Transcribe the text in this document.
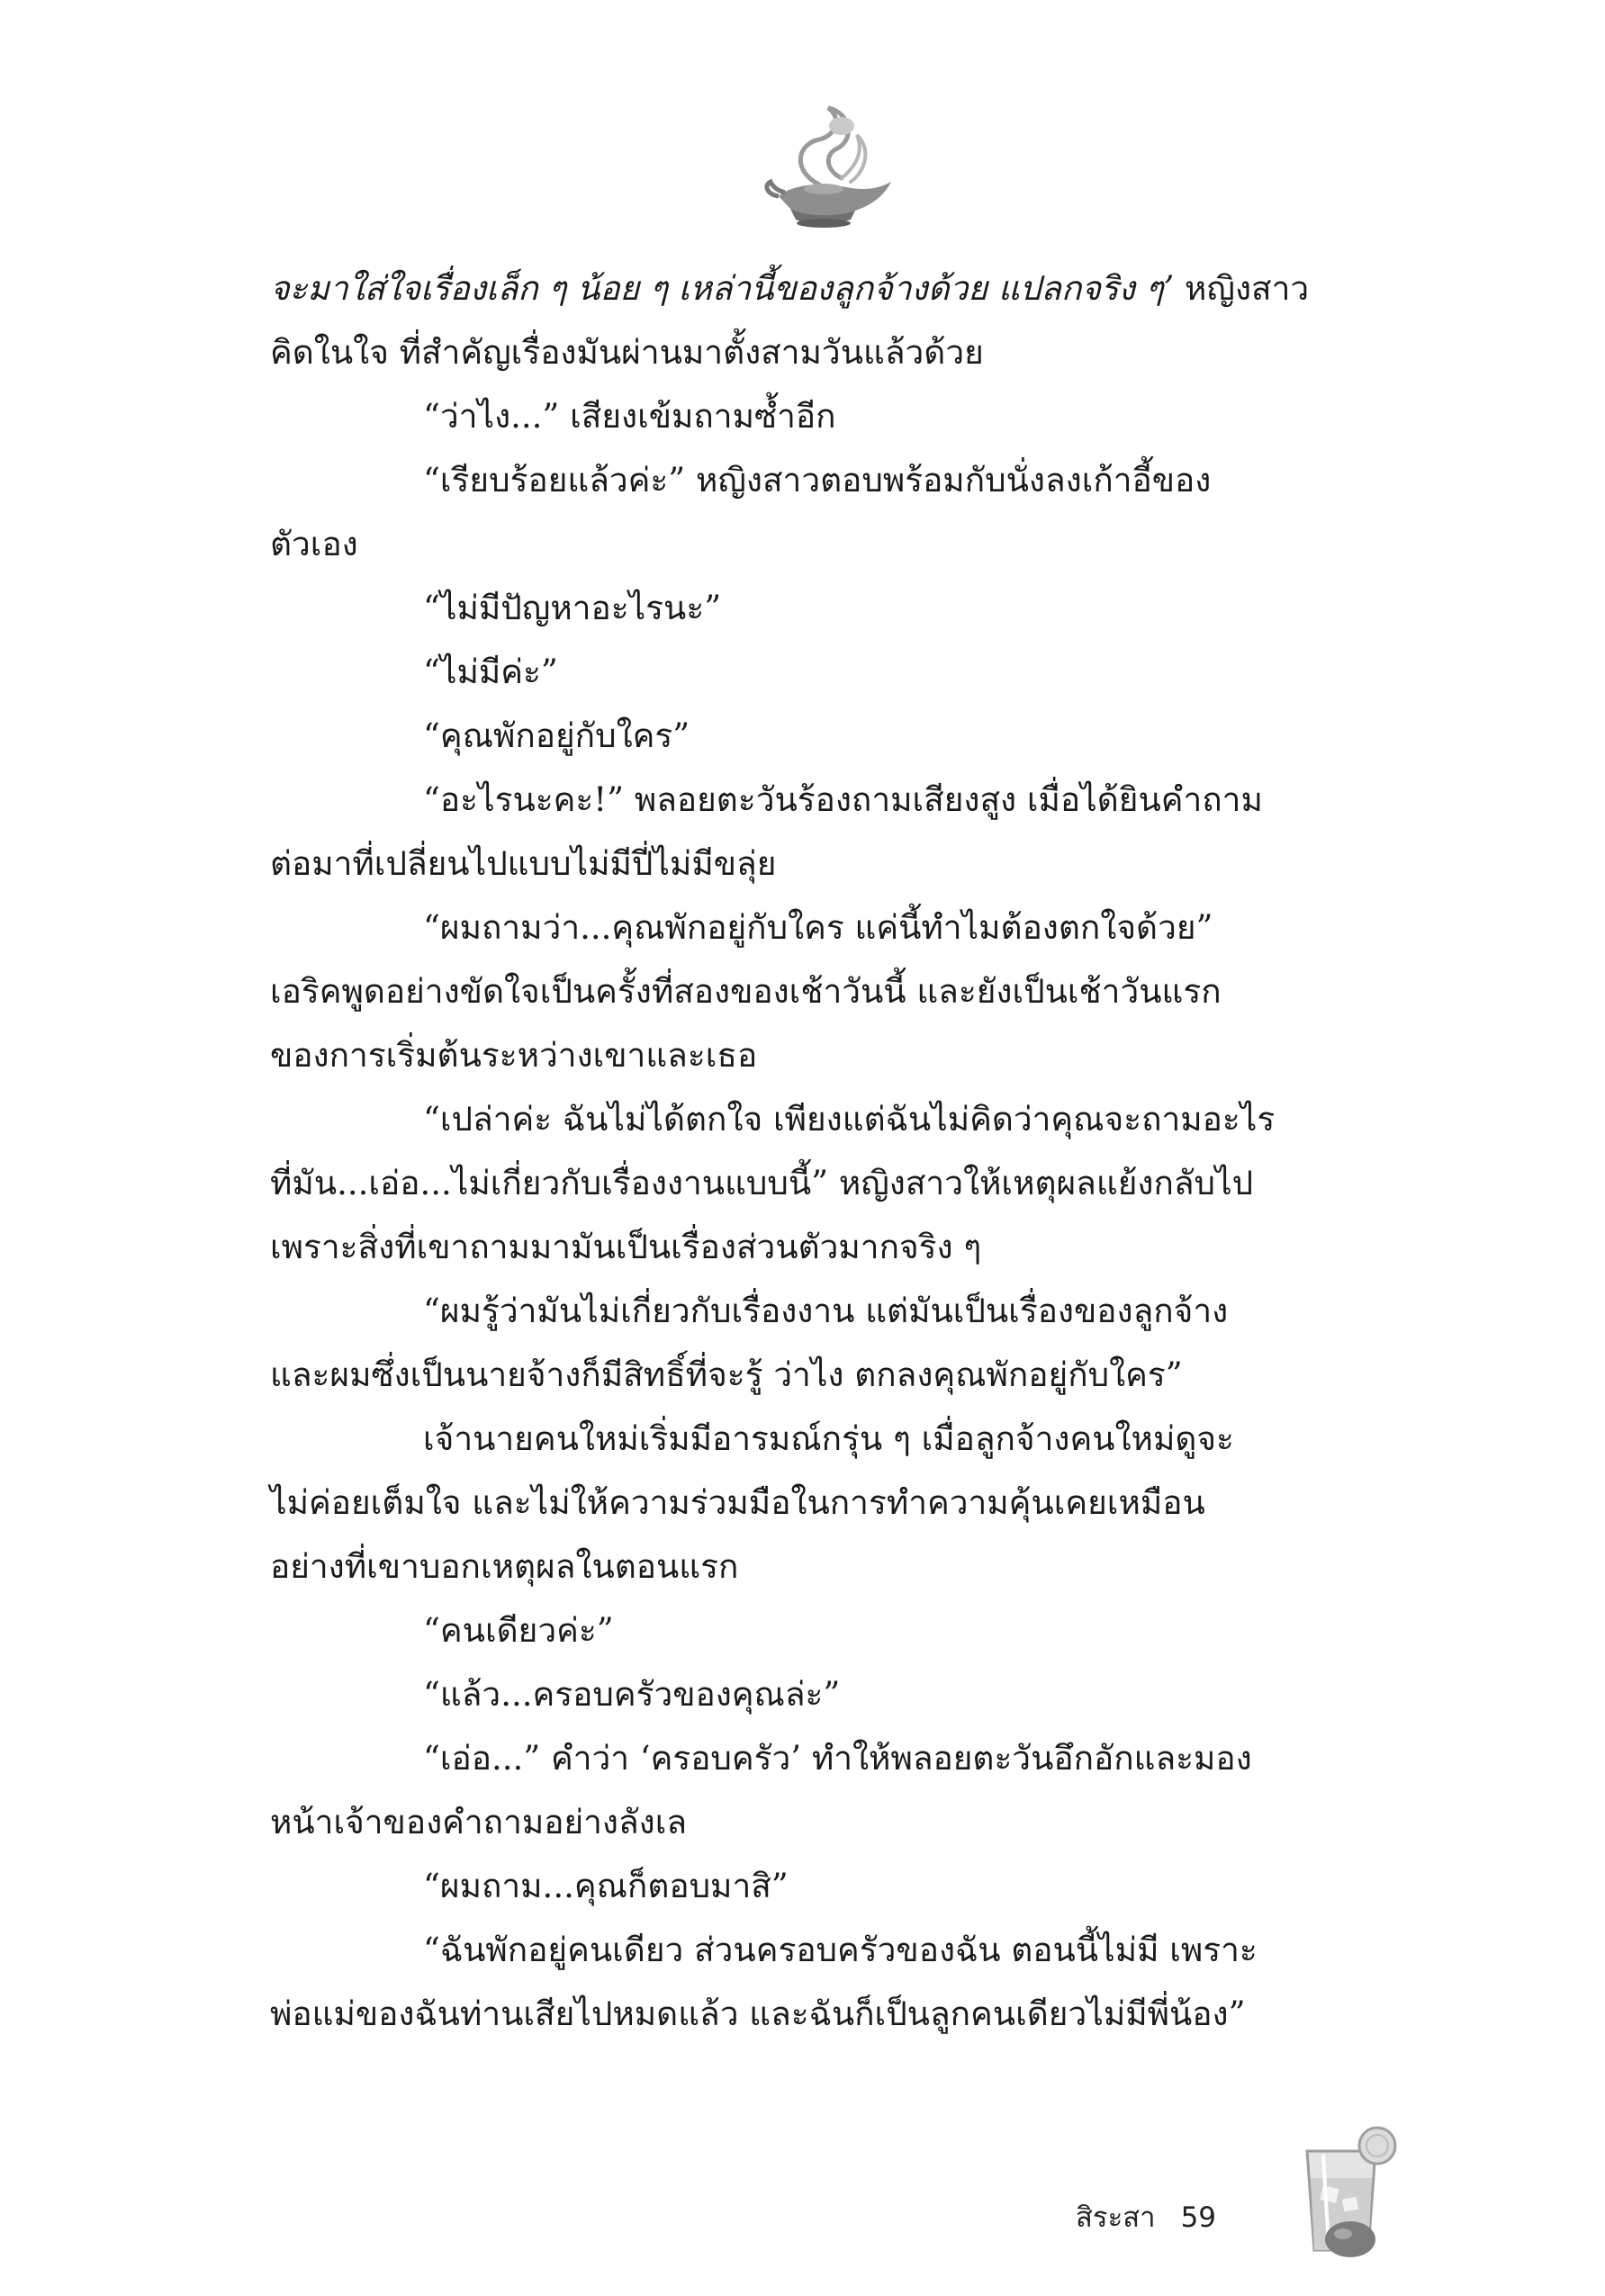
จะมาใส่ใจเรื่องเล็ก ๆ น้อย ๆ เหล่านี้ของลูกจ้างด้วย แปลกจริง ๆ’ หญิงสาว

คิดในใจ ที่สำคัญเรื่องมันผ่านมาตั้งสามวันแล้วด้วย

“ว่าไง...” เสียงเข้มถามซ้ำอีก

“เรียบร้อยแล้วค่ะ” หญิงสาวตอบพร้อมกับนั่งลงเก้าอี้ของ

ตัวเอง

“ไม่มีปัญหาอะไรนะ”

“ไม่มีค่ะ”

“คุณพักอยู่กับใคร”

“อะไรนะคะ!” พลอยตะวันร้องถามเสียงสูง เมื่อได้ยินคำถาม

ต่อมาที่เปลี่ยนไปแบบไม่มีปี่ไม่มีขลุ่ย

“ผมถามว่า...คุณพักอยู่กับใคร แค่นี้ทำไมต้องตกใจด้วย”

เอริคพูดอย่างขัดใจเป็นครั้งที่สองของเช้าวันนี้ และยังเป็นเช้าวันแรก

ของการเริ่มต้นระหว่างเขาและเธอ

“เปล่าค่ะ ฉันไม่ได้ตกใจ เพียงแต่ฉันไม่คิดว่าคุณจะถามอะไร

ที่มัน...เอ่อ...ไม่เกี่ยวกับเรื่องงานแบบนี้” หญิงสาวให้เหตุผลแย้งกลับไป

เพราะสิ่งที่เขาถามมามันเป็นเรื่องส่วนตัวมากจริง ๆ

“ผมรู้ว่ามันไม่เกี่ยวกับเรื่องงาน แต่มันเป็นเรื่องของลูกจ้าง

และผมซึ่งเป็นนายจ้างก็มีสิทธิ์ที่จะรู้ ว่าไง ตกลงคุณพักอยู่กับใคร”

เจ้านายคนใหม่เริ่มมีอารมณ์กรุ่น ๆ เมื่อลูกจ้างคนใหม่ดูจะ

ไม่ค่อยเต็มใจ และไม่ให้ความร่วมมือในการทำความคุ้นเคยเหมือน

อย่างที่เขาบอกเหตุผลในตอนแรก

“คนเดียวค่ะ”

“แล้ว...ครอบครัวของคุณล่ะ”

“เอ่อ...” คำว่า ‘ครอบครัว’ ทำให้พลอยตะวันอึกอักและมอง

หน้าเจ้าของคำถามอย่างลังเล

“ผมถาม...คุณก็ตอบมาสิ”

“ฉันพักอยู่คนเดียว ส่วนครอบครัวของฉัน ตอนนี้ไม่มี เพราะ

พ่อแม่ของฉันท่านเสียไปหมดแล้ว และฉันก็เป็นลูกคนเดียวไม่มีพี่น้อง”

สิระสา 59
